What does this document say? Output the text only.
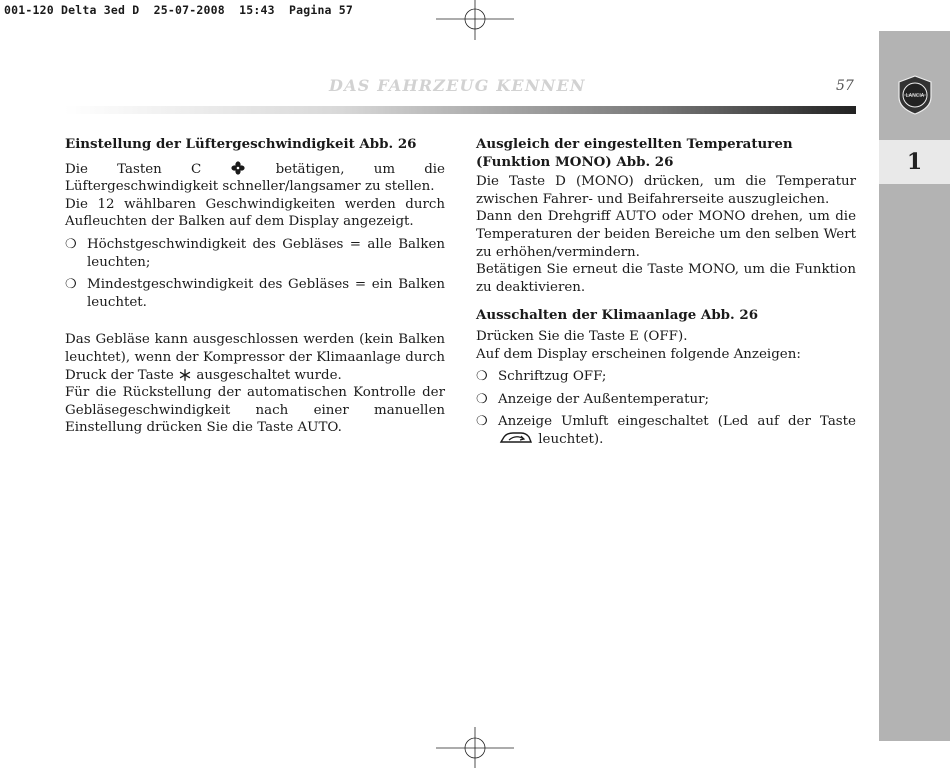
001-120 Delta 3ed D  25-07-2008  15:43  Pagina 57
LANCIA
1
DAS FAHRZEUG KENNEN	57
Einstellung der Lüftergeschwindigkeit Abb. 26

Die Tasten C	betätigen, um die Lüftergeschwindigkeit schneller/langsamer zu stellen.

Die 12 wählbaren Geschwindigkeiten werden durch Aufleuchten der Balken auf dem Display angezeigt.

❍ Höchstgeschwindigkeit des Gebläses = alle Balken leuchten;
❍ Mindestgeschwindigkeit des Gebläses = ein Balken leuchtet.

Das Gebläse kann ausgeschlossen werden (kein Balken leuchtet), wenn der Kompressor der Klimaanlage durch Druck der Taste ausgeschaltet wurde.

Für die Rückstellung der automatischen Kontrolle der Gebläsegeschwindigkeit nach einer manuellen Einstellung drücken Sie die Taste AUTO.

Ausgleich der eingestellten Temperaturen (Funktion MONO) Abb. 26

Die Taste D (MONO) drücken, um die Temperatur zwischen Fahrer- und Beifahrerseite auszugleichen.

Dann den Drehgriff AUTO oder MONO drehen, um die Temperaturen der beiden Bereiche um den selben Wert zu erhöhen/vermindern.

Betätigen Sie erneut die Taste MONO, um die Funktion zu deaktivieren.

Ausschalten der Klimaanlage Abb. 26

Drücken Sie die Taste E (OFF).

Auf dem Display erscheinen folgende Anzeigen:

❍ Schriftzug OFF;
❍ Anzeige der Außentemperatur;
❍ Anzeige Umluft eingeschaltet (Led auf der Taste  leuchtet).
